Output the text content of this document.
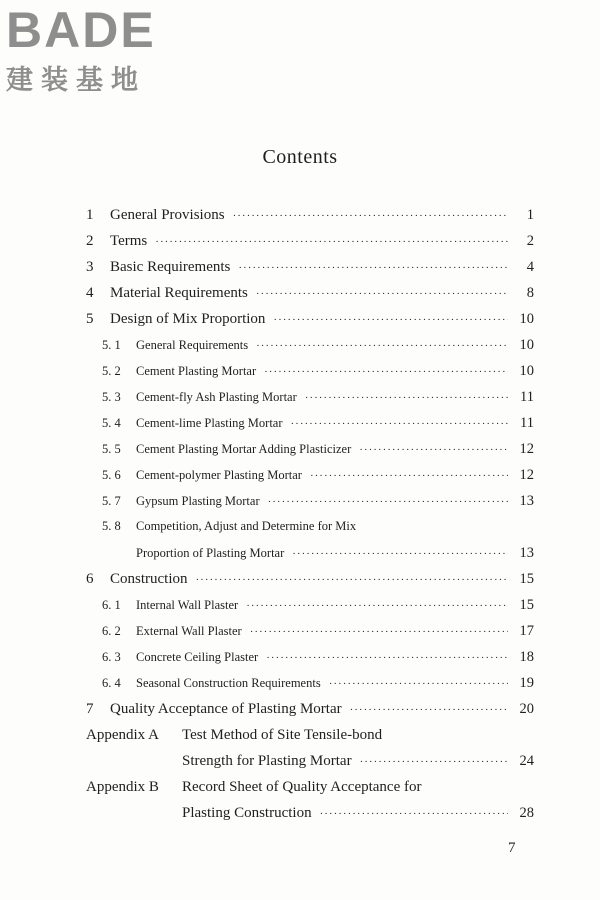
BADE
建装基地
Contents
1	General Provisions ·····	1
2	Terms ·····	2
3	Basic Requirements ·····	4
4	Material Requirements ·····	8
5	Design of Mix Proportion ·····	10
5. 1	General Requirements ·····	10
5. 2	Cement Plasting Mortar ·····	10
5. 3	Cement-fly Ash Plasting Mortar ·····	11
5. 4	Cement-lime Plasting Mortar ·····	11
5. 5	Cement Plasting Mortar Adding Plasticizer ·····	12
5. 6	Cement-polymer Plasting Mortar ·····	12
5. 7	Gypsum Plasting Mortar ·····	13
5. 8	Competition, Adjust and Determine for Mix
Proportion of Plasting Mortar ·····	13
6	Construction ·····	15
6. 1	Internal Wall Plaster ·····	15
6. 2	External Wall Plaster ·····	17
6. 3	Concrete Ceiling Plaster ·····	18
6. 4	Seasonal Construction Requirements ·····	19
7	Quality Acceptance of Plasting Mortar ·····	20
Appendix A	Test Method of Site Tensile-bond
Strength for Plasting Mortar ·····	24
Appendix B	Record Sheet of Quality Acceptance for
Plasting Construction ·····	28
7
